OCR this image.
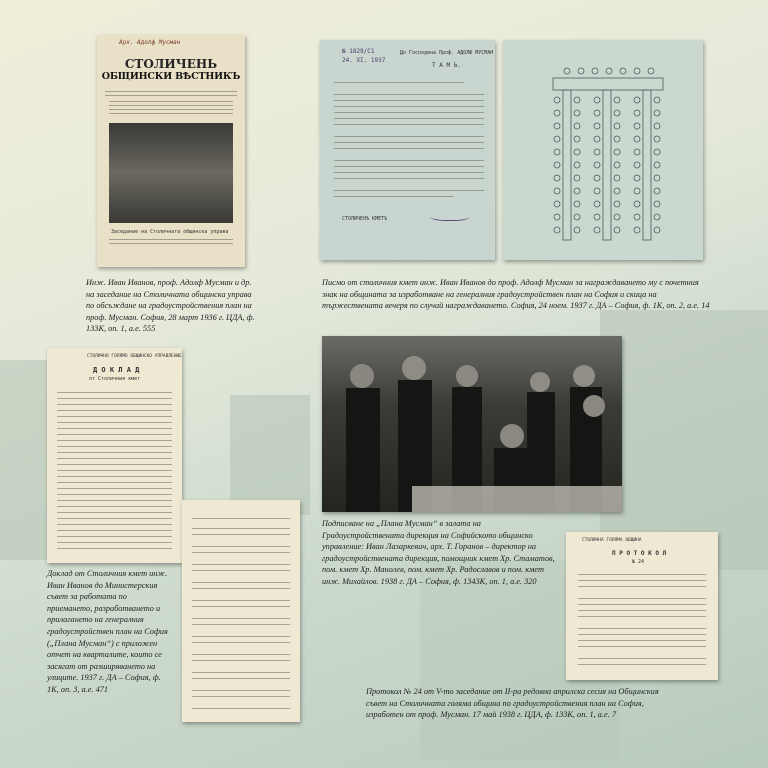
Арх. Адолф Мусман
СТОЛИЧЕНЬ
ОБЩИНСКИ ВѢСТНИКЪ
Заседание на Столичната общинска управа

Инж. Иван Иванов, проф. Адолф Мусман и др. на заседание на Столичната общинска управа по обсъждане на градоустройствения план на проф. Мусман. София, 28 март 1936 г. ЦДА, ф. 133К, оп. 1, а.е. 555

№ 1829/С1
24. XI. 1937
До Господина Проф. АДОЛФ МУСМАН
Т А М Ъ.
СТОЛИЧЕНЪ КМЕТЪ

Писмо от столичния кмет инж. Иван Иванов до проф. Адолф Мусман за награждаването му с почетния знак на общината за изработване на генералния градоустройствен план на София и скица на тържествената вечеря по случай награждаването. София, 24 ноем. 1937 г. ДА – София, ф. 1К, оп. 2, а.е. 14

СТОЛИЧНО ГОЛЯМО ОБЩИНСКО УПРАВЛЕНИЕ
Д О К Л А Д
от Столичния кмет

Доклад от Столичния кмет инж. Иван Иванов до Министерския съвет за работата по приемането, разработването и прилагането на генералния градоустройствен план на София („Плана Мусман“) с приложен отчет на кварталите, които се засягат от разширяването на улиците. 1937 г. ДА – София, ф. 1К, оп. 3, а.е. 471

Подписване на „Плана Мусман“ в залата на Градоустройствената дирекция на Софийското общинско управление: Иван Лазаркевич, арх. Т. Горанов – директор на градоустройствената дирекция, помощник кмет Хр. Стаматов, пом. кмет Хр. Манолев, пом. кмет Хр. Радославов и пом. кмет инж. Михайлов. 1938 г. ДА – София, ф. 1343К, оп. 1, а.е. 320

СТОЛИЧНА ГОЛЯМА ОБЩИНА
П Р О Т О К О Л
№ 24

Протокол № 24 от V-то заседание от II-ра редовна априлска сесия на Общинския съвет на Столичната голяма община по градоустройствения план на София, изработен от проф. Мусман. 17 май 1938 г. ЦДА, ф. 133К, оп. 1, а.е. 7
